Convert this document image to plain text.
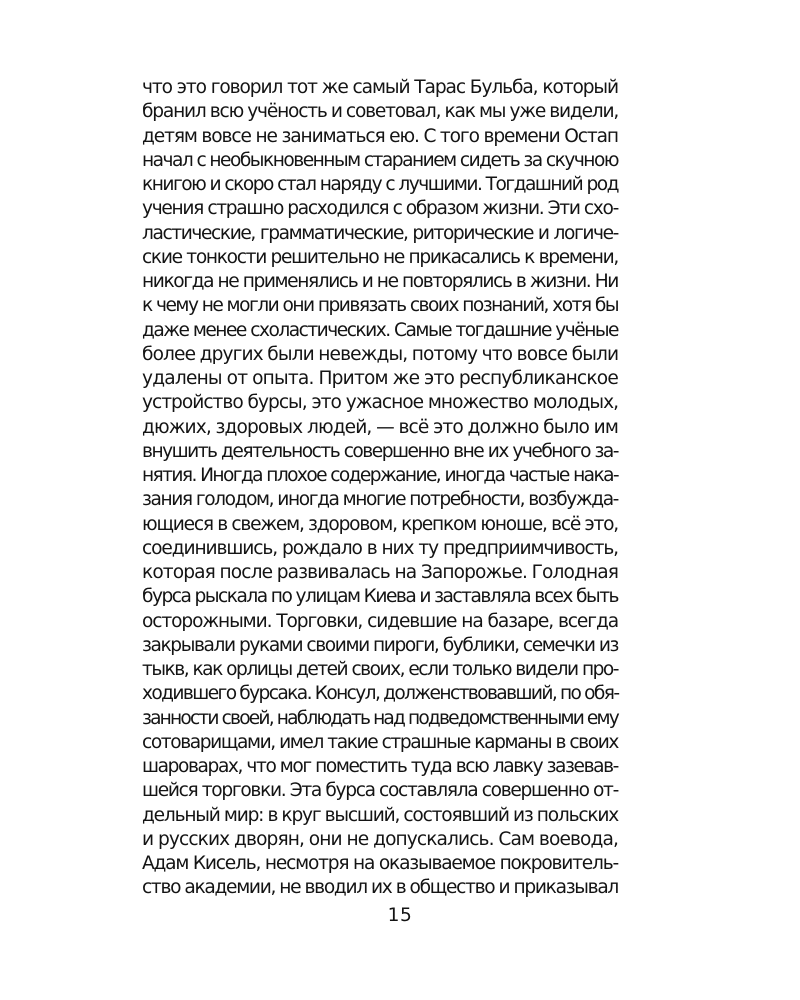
что это говорил тот же самый Тарас Бульба, который
бранил всю учёность и советовал, как мы уже видели,
детям вовсе не заниматься ею. С того времени Остап
начал с необыкновенным старанием сидеть за скучною
книгою и скоро стал наряду с лучшими. Тогдашний род
учения страшно расходился с образом жизни. Эти схо-
ластические, грамматические, риторические и логиче-
ские тонкости решительно не прикасались к времени,
никогда не применялись и не повторялись в жизни. Ни
к чему не могли они привязать своих познаний, хотя бы
даже менее схоластических. Самые тогдашние учёные
более других были невежды, потому что вовсе были
удалены от опыта. Притом же это республиканское
устройство бурсы, это ужасное множество молодых,
дюжих, здоровых людей, — всё это должно было им
внушить деятельность совершенно вне их учебного за-
нятия. Иногда плохое содержание, иногда частые нака-
зания голодом, иногда многие потребности, возбужда-
ющиеся в свежем, здоровом, крепком юноше, всё это,
соединившись, рождало в них ту предприимчивость,
которая после развивалась на Запорожье. Голодная
бурса рыскала по улицам Киева и заставляла всех быть
осторожными. Торговки, сидевшие на базаре, всегда
закрывали руками своими пироги, бублики, семечки из
тыкв, как орлицы детей своих, если только видели про-
ходившего бурсака. Консул, долженствовавший, по обя-
занности своей, наблюдать над подведомственными ему
сотоварищами, имел такие страшные карманы в своих
шароварах, что мог поместить туда всю лавку зазевав-
шейся торговки. Эта бурса составляла совершенно от-
дельный мир: в круг высший, состоявший из польских
и русских дворян, они не допускались. Сам воевода,
Адам Кисель, несмотря на оказываемое покровитель-
ство академии, не вводил их в общество и приказывал
15
